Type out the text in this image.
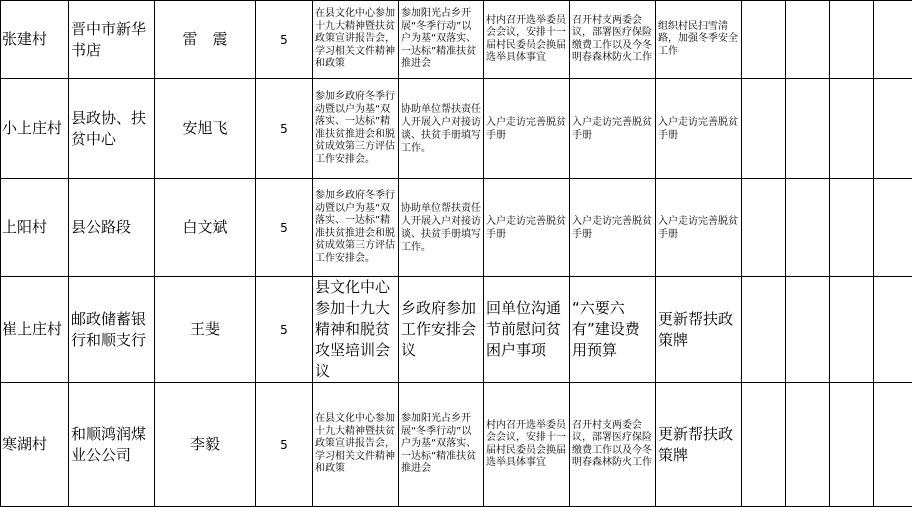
张建村	晋中市新华书店	雷　震	5	在县文化中心参加十九大精神暨扶贫政策宣讲报告会，学习相关文件精神和政策	参加阳光占乡开展“冬季行动”以户为基“双落实、一达标”精准扶贫推进会	村内召开选举委员会会议，安排十一届村民委员会换届选举具体事宜	召开村支两委会议，部署医疗保险缴费工作以及今冬明春森林防火工作	组织村民扫雪清路，加强冬季安全工作				
小上庄村	县政协、扶贫中心	安旭飞	5	参加乡政府冬季行动暨以户为基“双落实、一达标”精准扶贫推进会和脱贫成效第三方评估工作安排会。	协助单位帮扶责任人开展入户对接访谈、扶贫手册填写工作。	入户走访完善脱贫手册	入户走访完善脱贫手册	入户走访完善脱贫手册				
上阳村	县公路段	白文斌	5	参加乡政府冬季行动暨以户为基“双落实、一达标”精准扶贫推进会和脱贫成效第三方评估工作安排会。	协助单位帮扶责任人开展入户对接访谈、扶贫手册填写工作。	入户走访完善脱贫手册	入户走访完善脱贫手册	入户走访完善脱贫手册				
崔上庄村	邮政储蓄银行和顺支行	王斐	5	县文化中心参加十九大精神和脱贫攻坚培训会议	乡政府参加工作安排会议	回单位沟通节前慰问贫困户事项	“六要六有”建设费用预算	更新帮扶政策牌				
寒湖村	和顺鸿润煤业公公司	李毅	5	在县文化中心参加十九大精神暨扶贫政策宣讲报告会，学习相关文件精神和政策	参加阳光占乡开展“冬季行动”以户为基“双落实、一达标”精准扶贫推进会	村内召开选举委员会会议，安排十一届村民委员会换届选举具体事宜	召开村支两委会议，部署医疗保险缴费工作以及今冬明春森林防火工作	更新帮扶政策牌				
